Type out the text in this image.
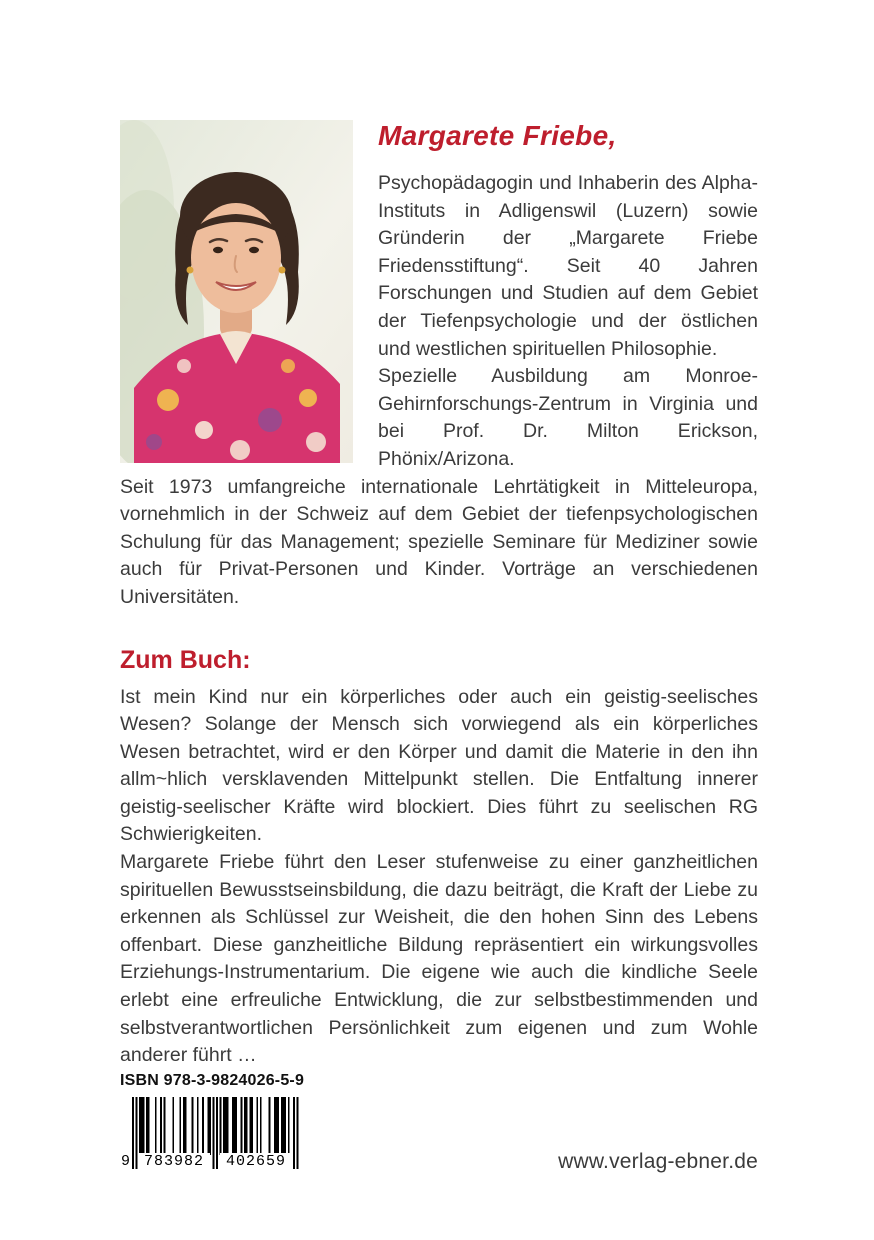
Margarete Friebe,

Psychopädagogin und Inhaberin des Alpha-Instituts in Adligenswil (Luzern) sowie Gründerin der „Margarete Friebe Friedensstiftung“. Seit 40 Jahren Forschungen und Studien auf dem Gebiet der Tiefenpsychologie und der östlichen und westlichen spirituellen Philosophie.

Spezielle Ausbildung am Monroe-Gehirnforschungs-Zentrum in Virginia und bei Prof. Dr. Milton Erickson, Phönix/Arizona.

Seit 1973 umfangreiche internationale Lehrtätigkeit in Mitteleuropa, vornehmlich in der Schweiz auf dem Gebiet der tiefenpsychologischen Schulung für das Management; spezielle Seminare für Mediziner sowie auch für Privat-Personen und Kinder. Vorträge an verschiedenen Universitäten.

Zum Buch:

Ist mein Kind nur ein körperliches oder auch ein geistig-seelisches Wesen? Solange der Mensch sich vorwiegend als ein körperliches Wesen betrachtet, wird er den Körper und damit die Materie in den ihn allm~hlich versklavenden Mittelpunkt stellen. Die Entfaltung innerer geistig-seelischer Kräfte wird blockiert. Dies führt zu seelischen RG Schwierigkeiten.

Margarete Friebe führt den Leser stufenweise zu einer ganzheitlichen spirituellen Bewusstseinsbildung, die dazu beiträgt, die Kraft der Liebe zu erkennen als Schlüssel zur Weisheit, die den hohen Sinn des Lebens offenbart. Diese ganzheitliche Bildung repräsentiert ein wirkungsvolles Erziehungs-Instrumentarium. Die eigene wie auch die kindliche Seele erlebt eine erfreuliche Entwicklung, die zur selbstbestimmenden und selbstverantwortlichen Persönlichkeit zum eigenen und zum Wohle anderer führt …

ISBN 978-3-9824026-5-9
9 783982	402659	www.verlag-ebner.de
